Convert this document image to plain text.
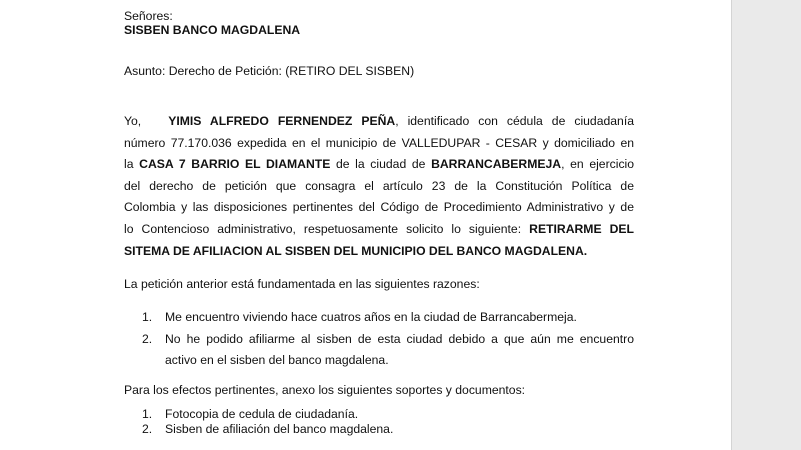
Señores:

SISBEN BANCO MAGDALENA

Asunto: Derecho de Petición: (RETIRO DEL SISBEN)

Yo, YIMIS ALFREDO FERNENDEZ PEÑA, identificado con cédula de ciudadanía
número 77.170.036 expedida en el municipio de VALLEDUPAR - CESAR y domiciliado en
la CASA 7 BARRIO EL DIAMANTE de la ciudad de BARRANCABERMEJA, en ejercicio
del derecho de petición que consagra el artículo 23 de la Constitución Política de
Colombia y las disposiciones pertinentes del Código de Procedimiento Administrativo y de
lo Contencioso administrativo, respetuosamente solicito lo siguiente: RETIRARME DEL
SITEMA DE AFILIACION AL SISBEN DEL MUNICIPIO DEL BANCO MAGDALENA.

La petición anterior está fundamentada en las siguientes razones:

1. Me encuentro viviendo hace cuatros años en la ciudad de Barrancabermeja.
2. No he podido afiliarme al sisben de esta ciudad debido a que aún me encuentro
activo en el sisben del banco magdalena.

Para los efectos pertinentes, anexo los siguientes soportes y documentos:

1. Fotocopia de cedula de ciudadanía.
2. Sisben de afiliación del banco magdalena.
